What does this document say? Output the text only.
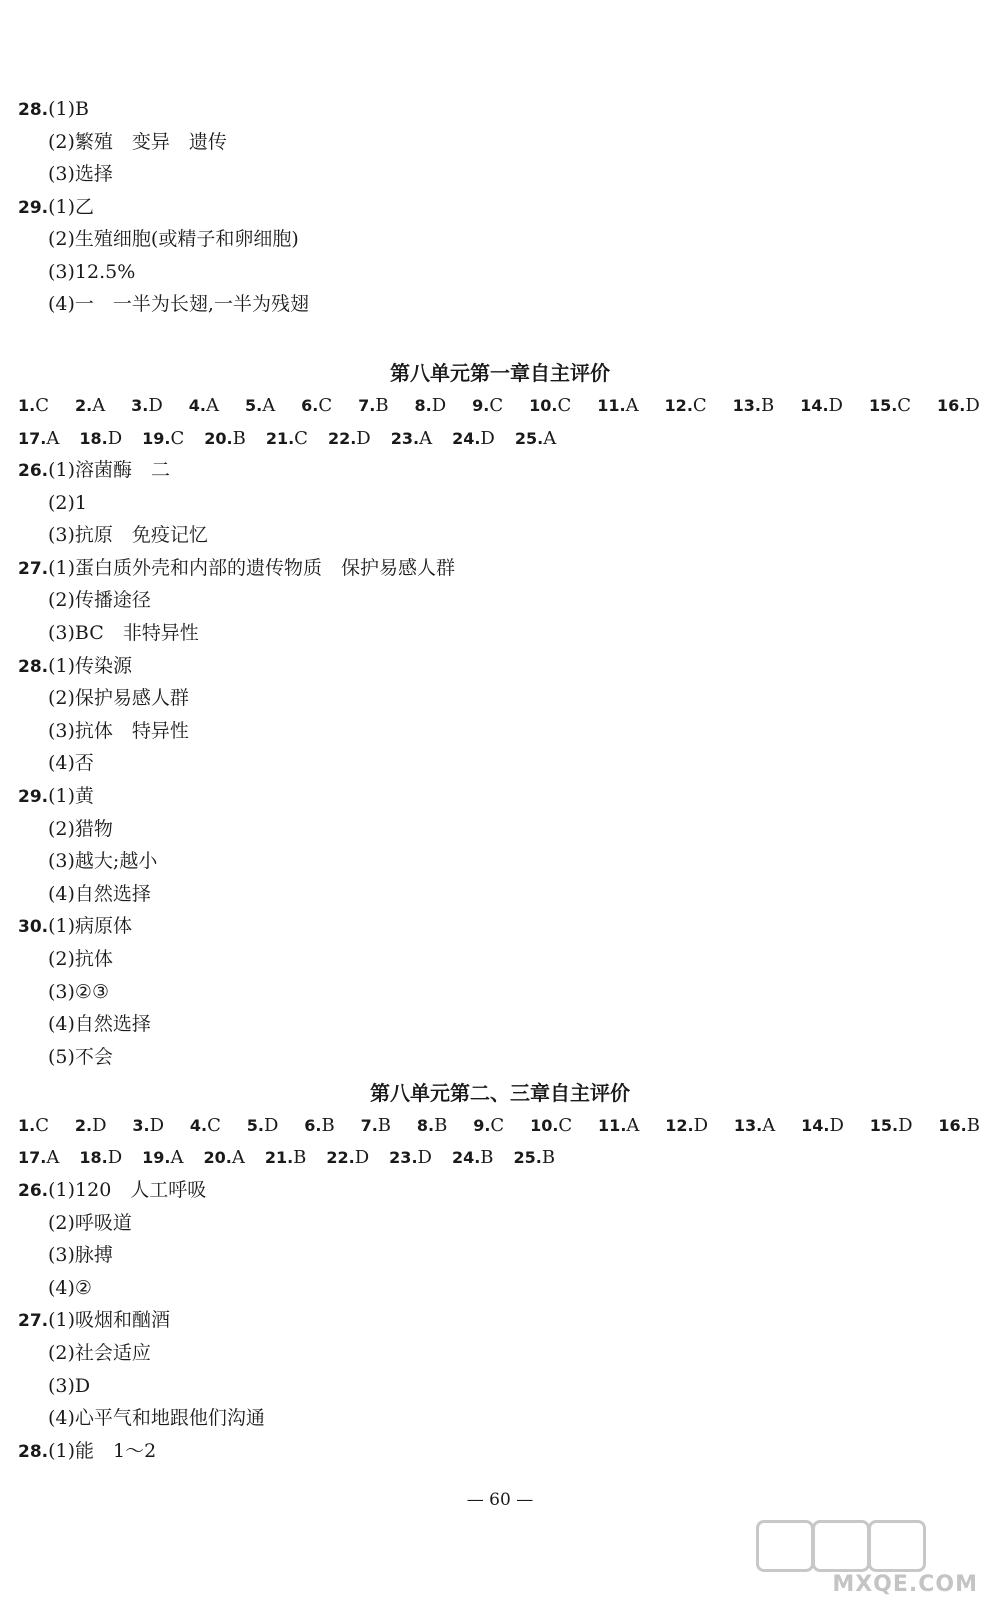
28.(1)B
(2)繁殖　变异　遗传
(3)选择
29.(1)乙
(2)生殖细胞(或精子和卵细胞)
(3)12.5%
(4)一　一半为长翅,一半为残翅
第八单元第一章自主评价
1.C 2.A 3.D 4.A 5.A 6.C 7.B 8.D 9.C 10.C 11.A 12.C 13.B 14.D 15.C 16.D
17.A 18.D 19.C 20.B 21.C 22.D 23.A 24.D 25.A
26.(1)溶菌酶　二
(2)1
(3)抗原　免疫记忆
27.(1)蛋白质外壳和内部的遗传物质　保护易感人群
(2)传播途径
(3)BC　非特异性
28.(1)传染源
(2)保护易感人群
(3)抗体　特异性
(4)否
29.(1)黄
(2)猎物
(3)越大;越小
(4)自然选择
30.(1)病原体
(2)抗体
(3)②③
(4)自然选择
(5)不会
第八单元第二、三章自主评价
1.C 2.D 3.D 4.C 5.D 6.B 7.B 8.B 9.C 10.C 11.A 12.D 13.A 14.D 15.D 16.B
17.A 18.D 19.A 20.A 21.B 22.D 23.D 24.B 25.B
26.(1)120　人工呼吸
(2)呼吸道
(3)脉搏
(4)②
27.(1)吸烟和酗酒
(2)社会适应
(3)D
(4)心平气和地跟他们沟通
28.(1)能　1～2
— 60 —
MXQE.COM
